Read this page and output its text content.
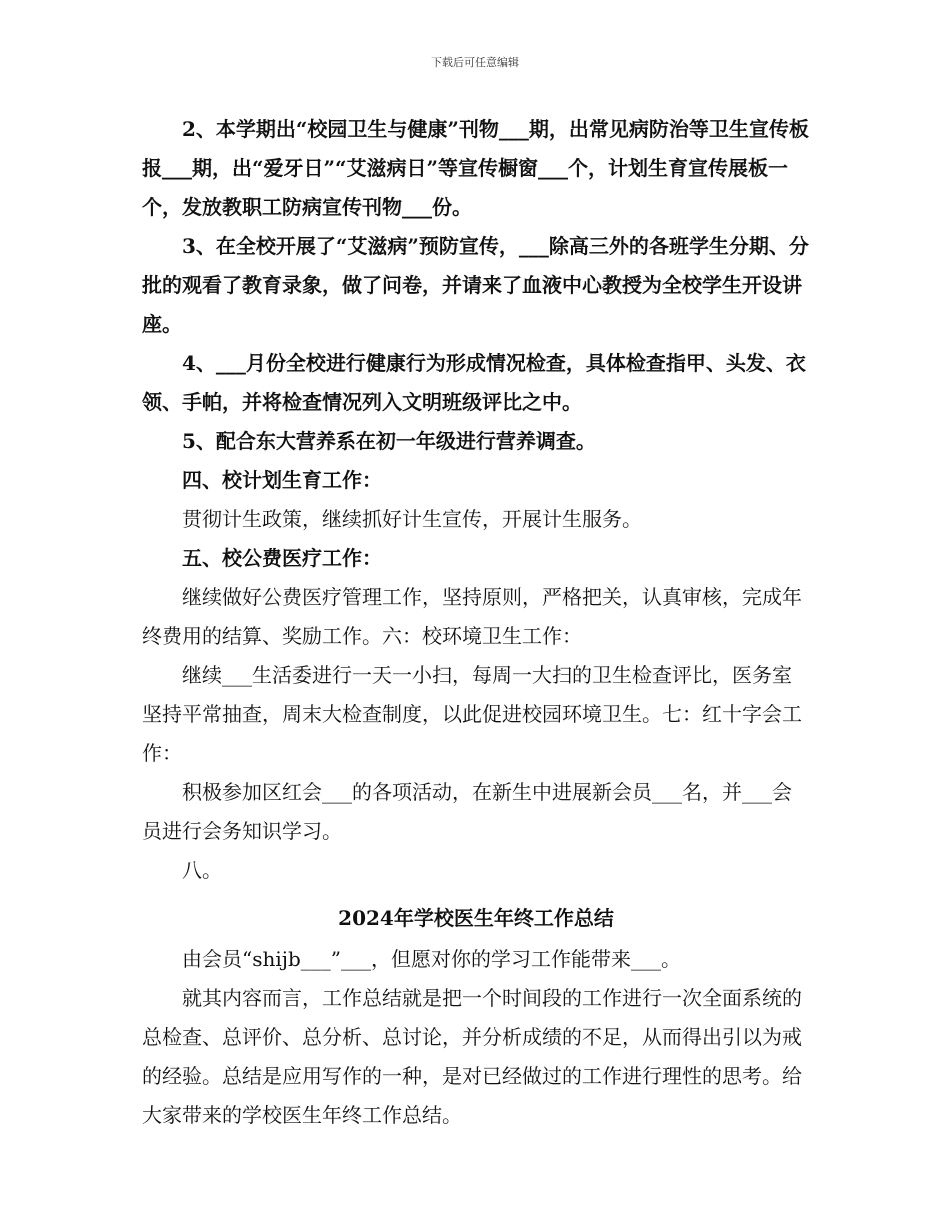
下载后可任意编辑

2、本学期出“校园卫生与健康”刊物___期，出常见病防治等卫生宣传板报___期，出“爱牙日”“艾滋病日”等宣传橱窗___个，计划生育宣传展板一个，发放教职工防病宣传刊物___份。

3、在全校开展了“艾滋病”预防宣传，___除高三外的各班学生分期、分批的观看了教育录象，做了问卷，并请来了血液中心教授为全校学生开设讲座。

4、___月份全校进行健康行为形成情况检查，具体检查指甲、头发、衣领、手帕，并将检查情况列入文明班级评比之中。

5、配合东大营养系在初一年级进行营养调查。

四、校计划生育工作：

贯彻计生政策，继续抓好计生宣传，开展计生服务。

五、校公费医疗工作：

继续做好公费医疗管理工作，坚持原则，严格把关，认真审核，完成年终费用的结算、奖励工作。六：校环境卫生工作：

继续___生活委进行一天一小扫，每周一大扫的卫生检查评比，医务室坚持平常抽查，周末大检查制度，以此促进校园环境卫生。七：红十字会工作：

积极参加区红会___的各项活动，在新生中进展新会员___名，并___会员进行会务知识学习。

八。

2024年学校医生年终工作总结

由会员“shijb___”___，但愿对你的学习工作能带来___。

就其内容而言，工作总结就是把一个时间段的工作进行一次全面系统的总检查、总评价、总分析、总讨论，并分析成绩的不足，从而得出引以为戒的经验。总结是应用写作的一种，是对已经做过的工作进行理性的思考。给大家带来的学校医生年终工作总结。
